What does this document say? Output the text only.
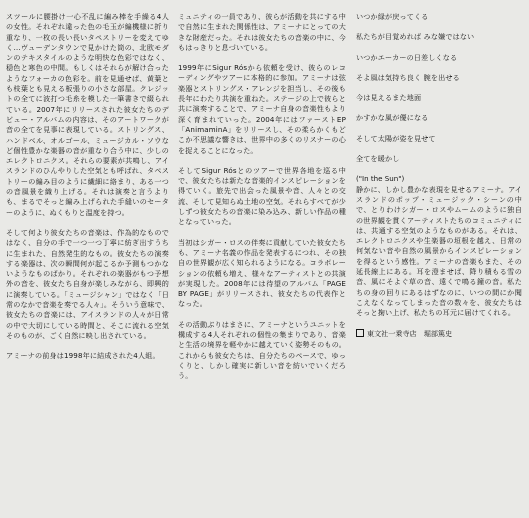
スツールに腰掛け一心不乱に編み棒を手繰る4人の女性。それぞれ違った色の毛玉が編機様に折り重なり、一枚の長い長いタペストリーを変えてゆく…ヴューデンタウンで見かけた筒の、北欧モダンのテキスタイルのような明快な色彩ではなく、穏色と寒色の中間。もしくはそれらが解け合ったようなフォーカの色彩を。前を見通せば、黄葉とも枝葉とも見える板張りの小さな部屋。クレジットの全てに波打つ毛糸を模した一筆書きで綴られている。2007年にリリースされた彼女たちのデビュー・アルバムの内容は、そのアートワークが音の全てを見事に表現している。ストリングス、ハンドベル、オルゴール、ミュージカル・ソウなど個性豊かな楽器の音が重なり合う中に、少しのエレクトロニクス。それらの要素が共鳴し、アイスランドのひんやりした空気とも呼ばれ、タペストリーの編み目のように繊細に絡まり、ある一つの音風景を織り上げる。それは演奏と言うよりも、まるでそっと編み上げられた手縫いのセーターのように、ぬくもりと温度を持つ。

そして何より彼女たちの音楽は、作為的なものではなく、自分の手で一つ一つ丁寧に紡ぎ出すうちに生まれた、自然発生的なもの。彼女たちの演奏する楽器は、次の瞬間何が起こるか予測もつかないようなものばかり。それぞれの楽器がもつ予想外の音を、彼女たち自身が楽しみながら、即興的に演奏している。「ミュージシャン」ではなく「日常のなかで音楽を奏でる人々」。そういう意味で、彼女たちの音楽には、アイスランドの人々が日常の中で大切にしている時間と、そこに流れる空気そのものが、ごく自然に映し出されている。

アミーナの前身は1998年に結成された4人組。

ミュニティの一員であり、彼らが活動を共にする中で自然に生まれた関係性は、アミーナにとっての大きな財産だった。それは彼女たちの音楽の中に、今もはっきりと息づいている。

1999年にSigur Rósから依頼を受け、彼らのレコーディングやツアーに本格的に参加。アミーナは弦楽器とストリングス・アレンジを担当し、その後も長年にわたり共演を重ねた。ステージの上で彼らと共に演奏することで、アミーナ自身の音楽性もより深く育まれていった。2004年にはファーストEP「AnimaminA」をリリースし、その柔らかくもどこか不思議な響きは、世界中の多くのリスナーの心を捉えることになった。

そしてSigur Rósとのツアーで世界各地を巡る中で、彼女たちは新たな音楽的インスピレーションを得ていく。旅先で出会った風景や音、人々との交流、そして見知らぬ土地の空気。それらすべてが少しずつ彼女たちの音楽に染み込み、新しい作品の種となっていった。

当初はシガー・ロスの伴奏に貢献していた彼女たちも、アミーナ名義の作品を発表するにつれ、その独自の世界観が広く知られるようになる。コラボレーションの依頼も増え、様々なアーティストとの共演が実現した。2008年には待望のアルバム「PAGE BY PAGE」がリリースされ、彼女たちの代表作となった。

その活動ぶりはまさに、アミーナというユニットを構成する4人それぞれの個性の集まりであり、音楽と生活の境界を軽やかに越えていく姿勢そのもの。これからも彼女たちは、自分たちのペースで、ゆっくりと、しかし確実に新しい音を紡いでいくだろう。

いつか緑が戻ってくる

私たちが目覚めれば みな嫌ではない

いつかエーカーの日差しくなる

そよ風は気持ち良く 腕を出せる

今は見えるまた地面

かすかな風が優になる

そして太陽が姿を見せて

全てを暖かし

("In the Sun")

静かに、しかし豊かな表現を見せるアミーナ。アイスランドのポップ・ミュージック・シーンの中で、とりわけシガー・ロスやムームのように独自の世界観を貫くアーティストたちのコミュニティには、共通する空気のようなものがある。それは、エレクトロニクスや生楽器の垣根を越え、日常の何気ない音や自然の風景からインスピレーションを得るという感性。アミーナの音楽もまた、その延長線上にある。耳を澄ませば、降り積もる雪の音、風にそよぐ草の音、遠くで鳴る鐘の音。私たちの身の回りにあるはずなのに、いつの間にか聞こえなくなってしまった音の数々を、彼女たちはそっと掬い上げ、私たちの耳元に届けてくれる。

東文社一乗寺店　堀部篤史
